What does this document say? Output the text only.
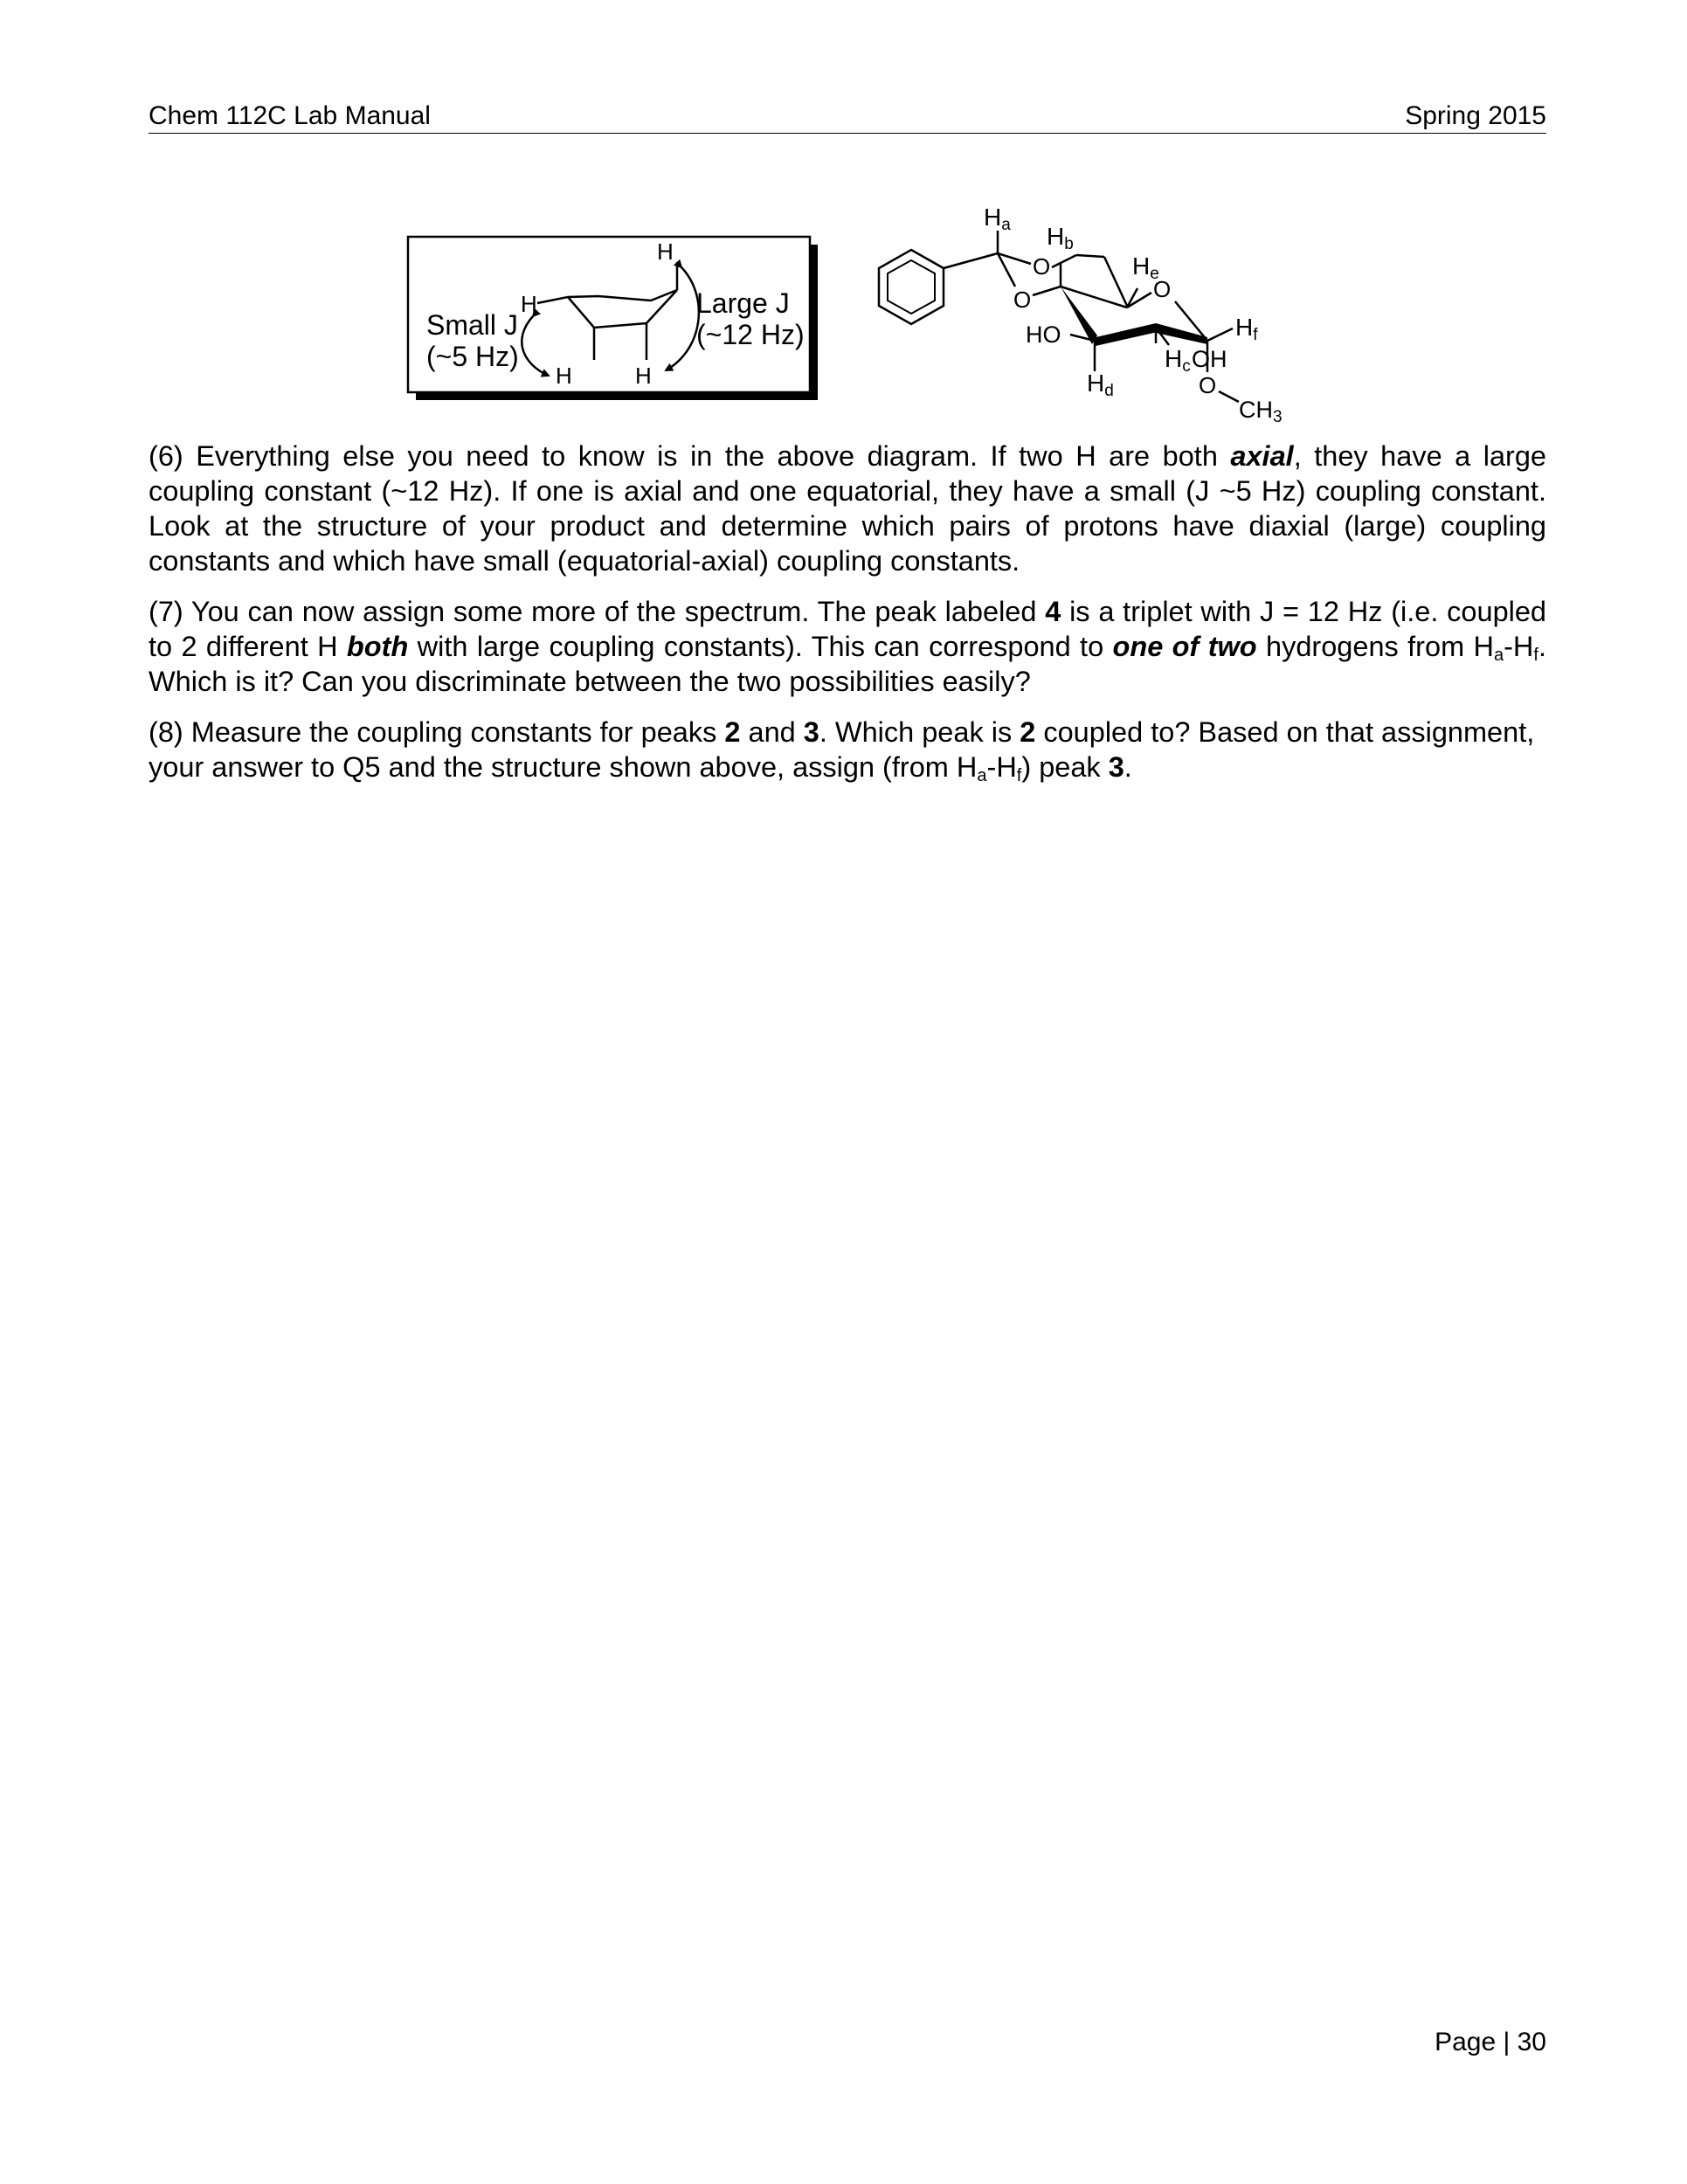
Chem 112C Lab Manual	Spring 2015
Small J
(~5 Hz)
Large J
(~12 Hz)
H
H	H
H
Ha Hb
He
Hf
Hc
Hd
O
O	O
HO
OH
O
CH3

(6) Everything else you need to know is in the above diagram. If two H are both axial, they have a large coupling constant (~12 Hz). If one is axial and one equatorial, they have a small (J ~5 Hz) coupling constant. Look at the structure of your product and determine which pairs of protons have diaxial (large) coupling constants and which have small (equatorial-axial) coupling constants.

(7) You can now assign some more of the spectrum. The peak labeled 4 is a triplet with J = 12 Hz (i.e. coupled to 2 different H both with large coupling constants). This can correspond to one of two hydrogens from $H_a-H_f$. Which is it? Can you discriminate between the two possibilities easily?

(8) Measure the coupling constants for peaks 2 and 3. Which peak is 2 coupled to? Based on that assignment, your answer to Q5 and the structure shown above, assign (from $H_a-H_f$) peak 3.

Page | 30
